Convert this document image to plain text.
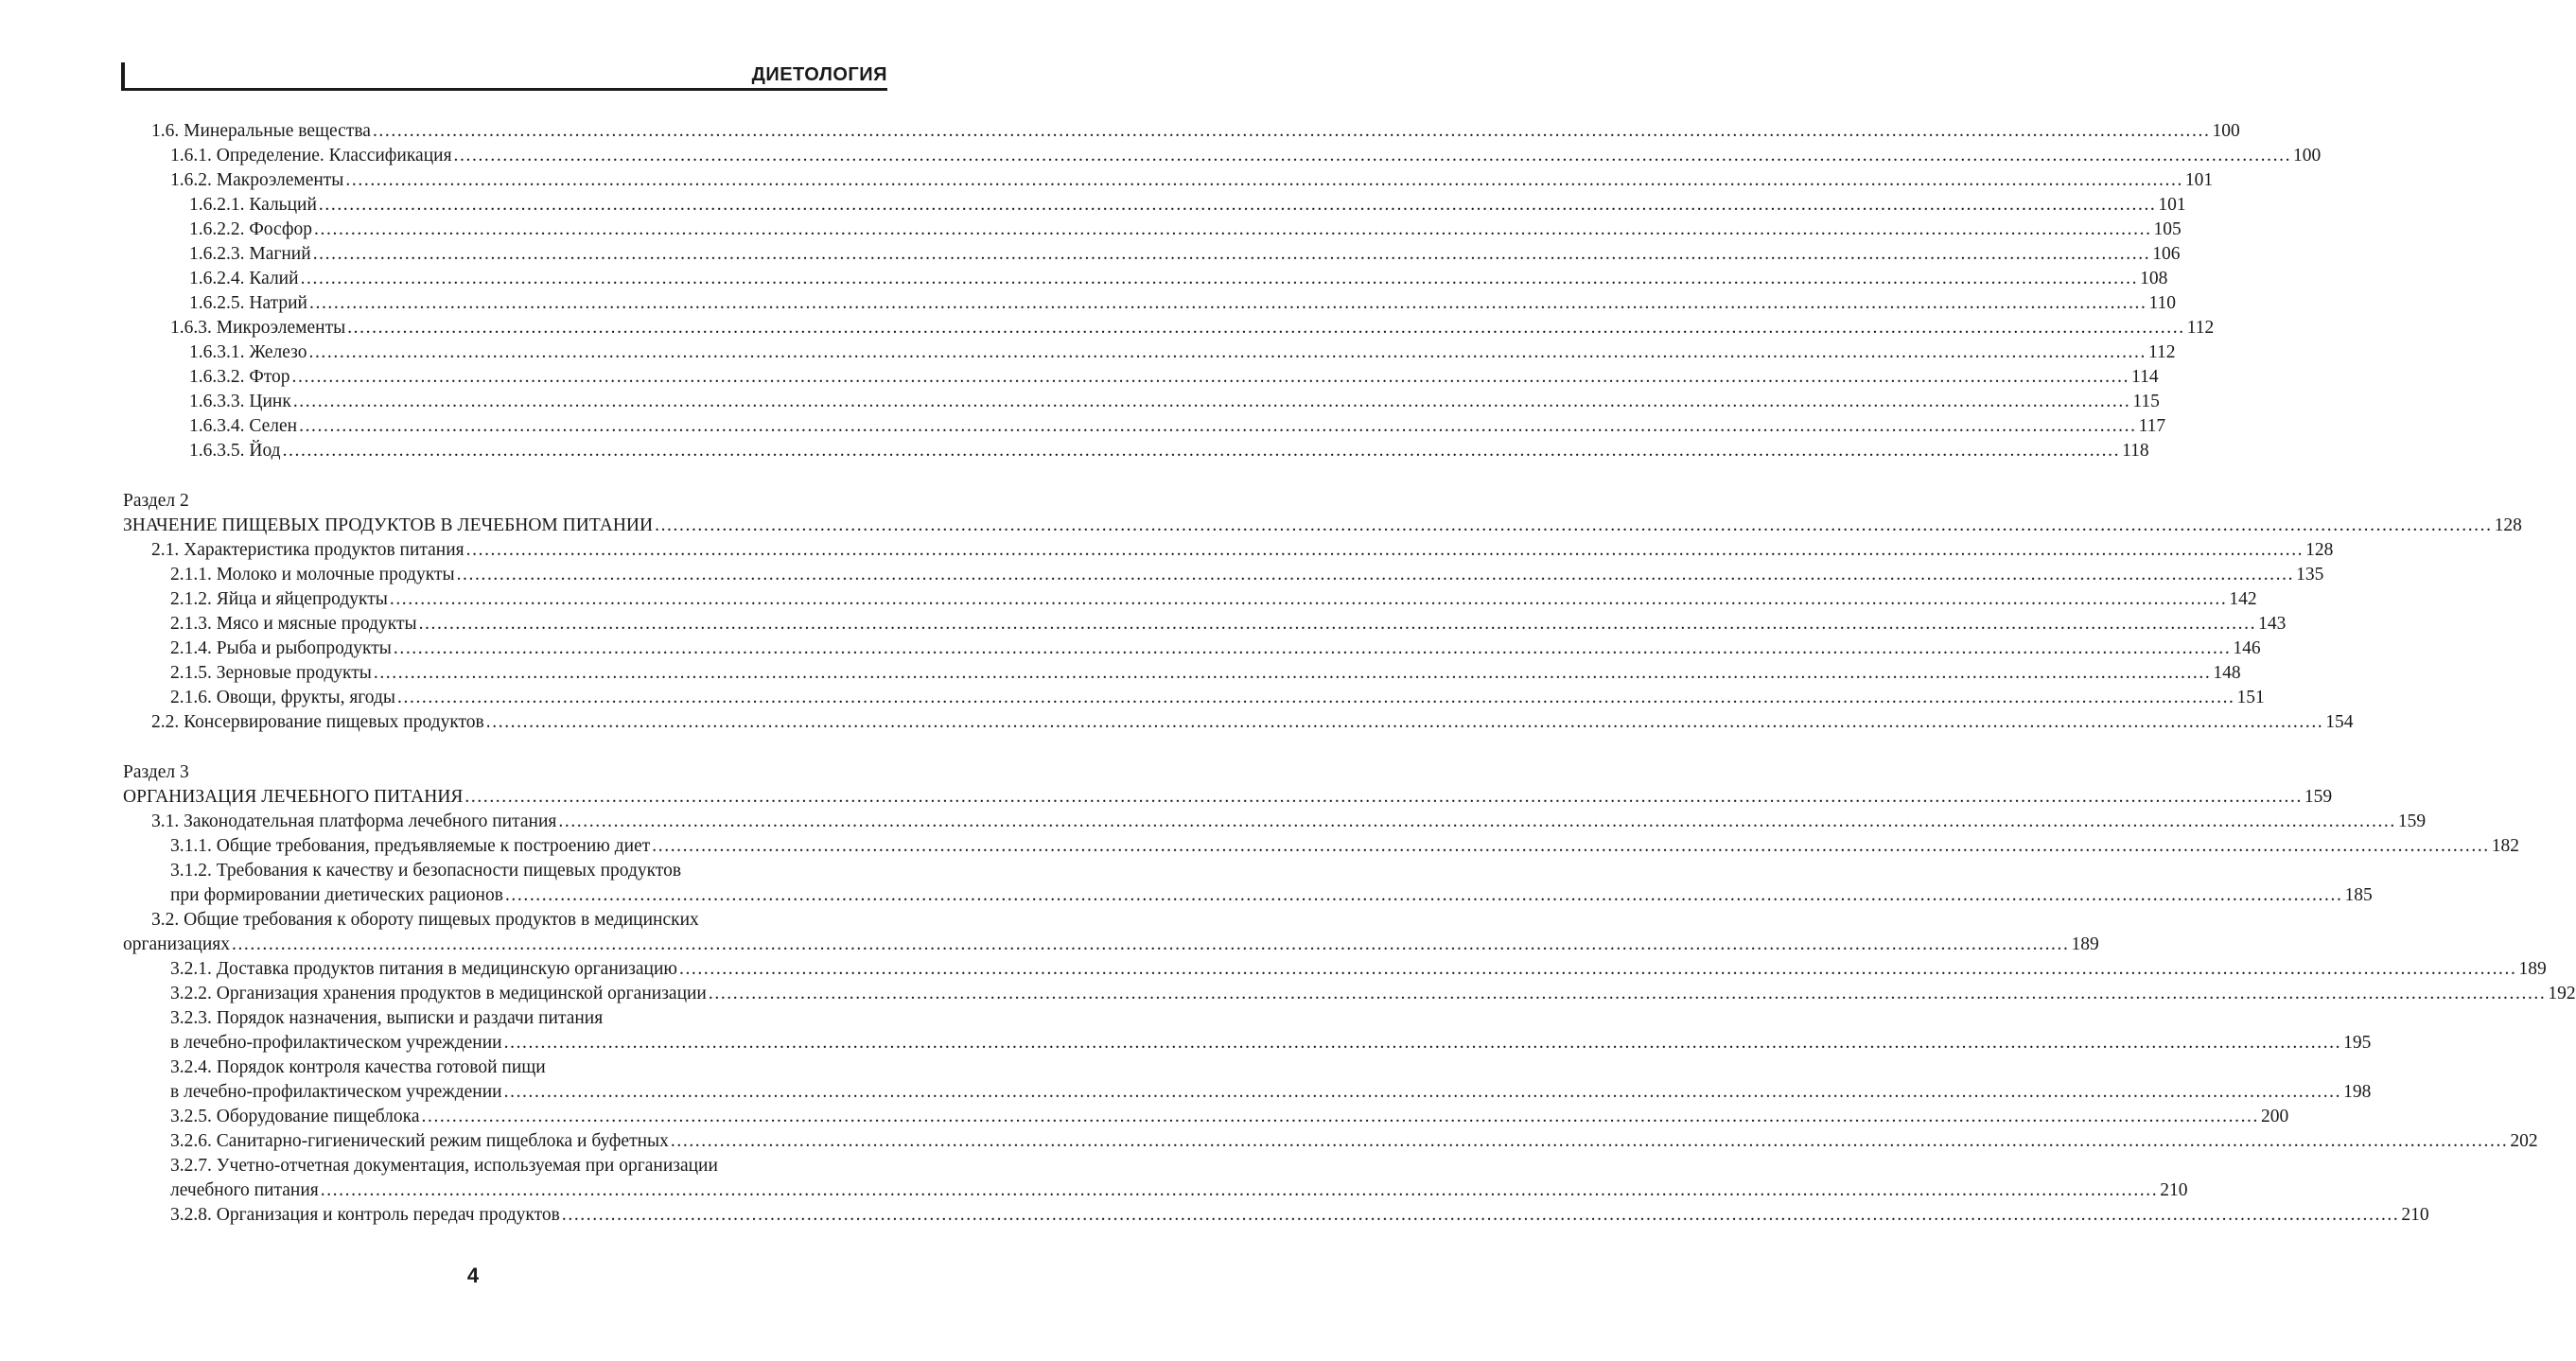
ДИЕТОЛОГИЯ
1.6. Минеральные вещества ............................................................................................................................................................................................................................................................................................................ 100
1.6.1. Определение. Классификация ............................................................................................................................................................................................................................................................................................................ 100
1.6.2. Макроэлементы ............................................................................................................................................................................................................................................................................................................ 101
1.6.2.1. Кальций ............................................................................................................................................................................................................................................................................................................ 101
1.6.2.2. Фосфор ............................................................................................................................................................................................................................................................................................................ 105
1.6.2.3. Магний ............................................................................................................................................................................................................................................................................................................ 106
1.6.2.4. Калий ............................................................................................................................................................................................................................................................................................................ 108
1.6.2.5. Натрий ............................................................................................................................................................................................................................................................................................................ 110
1.6.3. Микроэлементы ............................................................................................................................................................................................................................................................................................................ 112
1.6.3.1. Железо ............................................................................................................................................................................................................................................................................................................ 112
1.6.3.2. Фтор ............................................................................................................................................................................................................................................................................................................ 114
1.6.3.3. Цинк ............................................................................................................................................................................................................................................................................................................ 115
1.6.3.4. Селен ............................................................................................................................................................................................................................................................................................................ 117
1.6.3.5. Йод ............................................................................................................................................................................................................................................................................................................ 118
Раздел 2
ЗНАЧЕНИЕ ПИЩЕВЫХ ПРОДУКТОВ В ЛЕЧЕБНОМ ПИТАНИИ ............................................................................................................................................................................................................................................................................................................ 128
2.1. Характеристика продуктов питания ............................................................................................................................................................................................................................................................................................................ 128
2.1.1. Молоко и молочные продукты ............................................................................................................................................................................................................................................................................................................ 135
2.1.2. Яйца и яйцепродукты ............................................................................................................................................................................................................................................................................................................ 142
2.1.3. Мясо и мясные продукты ............................................................................................................................................................................................................................................................................................................ 143
2.1.4. Рыба и рыбопродукты ............................................................................................................................................................................................................................................................................................................ 146
2.1.5. Зерновые продукты ............................................................................................................................................................................................................................................................................................................ 148
2.1.6. Овощи, фрукты, ягоды ............................................................................................................................................................................................................................................................................................................ 151
2.2. Консервирование пищевых продуктов ............................................................................................................................................................................................................................................................................................................ 154
Раздел 3
ОРГАНИЗАЦИЯ ЛЕЧЕБНОГО ПИТАНИЯ ............................................................................................................................................................................................................................................................................................................ 159
3.1. Законодательная платформа лечебного питания ............................................................................................................................................................................................................................................................................................................ 159
3.1.1. Общие требования, предъявляемые к построению диет ............................................................................................................................................................................................................................................................................................................ 182
3.1.2. Требования к качеству и безопасности пищевых продуктов
при формировании диетических рационов ............................................................................................................................................................................................................................................................................................................ 185
3.2. Общие требования к обороту пищевых продуктов в медицинских
организациях ............................................................................................................................................................................................................................................................................................................ 189
3.2.1. Доставка продуктов питания в медицинскую организацию ............................................................................................................................................................................................................................................................................................................ 189
3.2.2. Организация хранения продуктов в медицинской организации ............................................................................................................................................................................................................................................................................................................ 192
3.2.3. Порядок назначения, выписки и раздачи питания
в лечебно-профилактическом учреждении ............................................................................................................................................................................................................................................................................................................ 195
3.2.4. Порядок контроля качества готовой пищи
в лечебно-профилактическом учреждении ............................................................................................................................................................................................................................................................................................................ 198
3.2.5. Оборудование пищеблока ............................................................................................................................................................................................................................................................................................................ 200
3.2.6. Санитарно-гигиенический режим пищеблока и буфетных ............................................................................................................................................................................................................................................................................................................ 202
3.2.7. Учетно-отчетная документация, используемая при организации
лечебного питания ............................................................................................................................................................................................................................................................................................................ 210
3.2.8. Организация и контроль передач продуктов ............................................................................................................................................................................................................................................................................................................ 210
4
